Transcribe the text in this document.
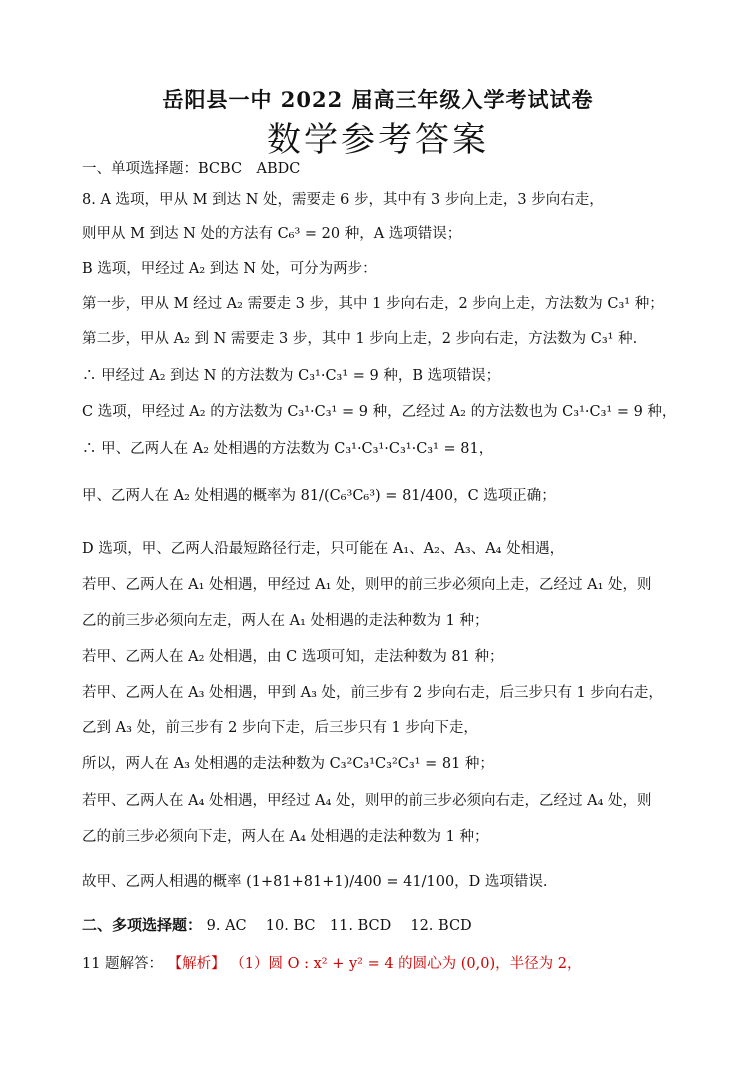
岳阳县一中 2022 届高三年级入学考试试卷
数学参考答案
一、单项选择题：BCBC　ABDC
8. A 选项，甲从 M 到达 N 处，需要走 6 步，其中有 3 步向上走，3 步向右走，
则甲从 M 到达 N 处的方法有 C₆³ = 20 种，A 选项错误；
B 选项，甲经过 A₂ 到达 N 处，可分为两步：
第一步，甲从 M 经过 A₂ 需要走 3 步，其中 1 步向右走，2 步向上走，方法数为 C₃¹ 种；
第二步，甲从 A₂ 到 N 需要走 3 步，其中 1 步向上走，2 步向右走，方法数为 C₃¹ 种.
∴ 甲经过 A₂ 到达 N 的方法数为 C₃¹·C₃¹ = 9 种，B 选项错误；
C 选项，甲经过 A₂ 的方法数为 C₃¹·C₃¹ = 9 种，乙经过 A₂ 的方法数也为 C₃¹·C₃¹ = 9 种，
∴ 甲、乙两人在 A₂ 处相遇的方法数为 C₃¹·C₃¹·C₃¹·C₃¹ = 81，
甲、乙两人在 A₂ 处相遇的概率为 81/(C₆³C₆³) = 81/400，C 选项正确；
D 选项，甲、乙两人沿最短路径行走，只可能在 A₁、A₂、A₃、A₄ 处相遇，
若甲、乙两人在 A₁ 处相遇，甲经过 A₁ 处，则甲的前三步必须向上走，乙经过 A₁ 处，则
乙的前三步必须向左走，两人在 A₁ 处相遇的走法种数为 1 种；
若甲、乙两人在 A₂ 处相遇，由 C 选项可知，走法种数为 81 种；
若甲、乙两人在 A₃ 处相遇，甲到 A₃ 处，前三步有 2 步向右走，后三步只有 1 步向右走，
乙到 A₃ 处，前三步有 2 步向下走，后三步只有 1 步向下走，
所以，两人在 A₃ 处相遇的走法种数为 C₃²C₃¹C₃²C₃¹ = 81 种；
若甲、乙两人在 A₄ 处相遇，甲经过 A₄ 处，则甲的前三步必须向右走，乙经过 A₄ 处，则
乙的前三步必须向下走，两人在 A₄ 处相遇的走法种数为 1 种；
故甲、乙两人相遇的概率 (1+81+81+1)/400 = 41/100，D 选项错误.
二、多项选择题： 9. AC　 10. BC　11. BCD　 12. BCD
11 题解答： 【解析】 （1）圆 O : x² + y² = 4 的圆心为 (0,0)，半径为 2，
